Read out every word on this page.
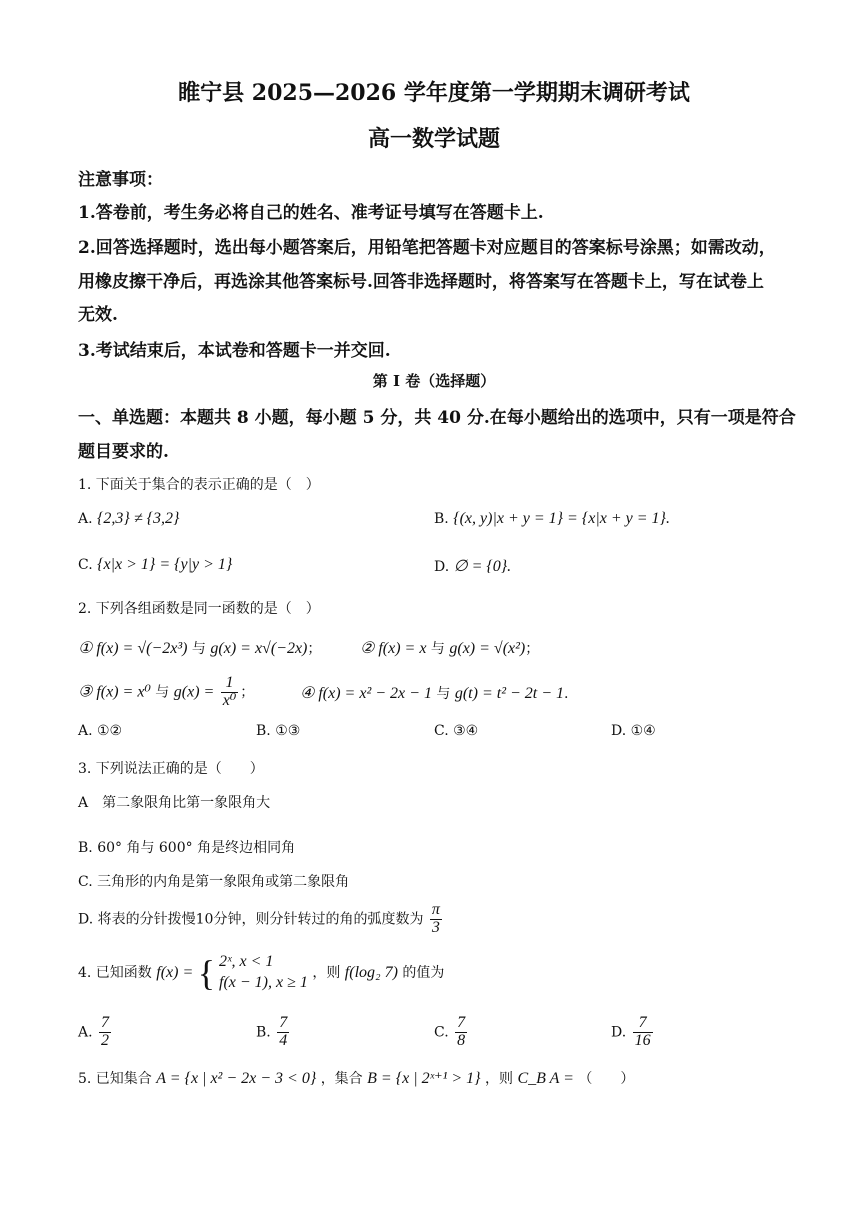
睢宁县 2025—2026 学年度第一学期期末调研考试
高一数学试题
注意事项：
1.答卷前，考生务必将自己的姓名、准考证号填写在答题卡上.
2.回答选择题时，选出每小题答案后，用铅笔把答题卡对应题目的答案标号涂黑；如需改动，
用橡皮擦干净后，再选涂其他答案标号.回答非选择题时，将答案写在答题卡上，写在试卷上
无效.
3.考试结束后，本试卷和答题卡一并交回.
第 I 卷（选择题）
一、单选题：本题共 8 小题，每小题 5 分，共 40 分.在每小题给出的选项中，只有一项是符合
题目要求的.
1. 下面关于集合的表示正确的是（　）
A. {2,3} ≠ {3,2}	B. {(x, y)|x + y = 1} = {x|x + y = 1}.
C. {x|x > 1} = {y|y > 1}	D. ∅ = {0}.
2. 下列各组函数是同一函数的是（　）
① f(x) = √(−2x³) 与 g(x) = x√(−2x)； ② f(x) = x 与 g(x) = √(x²)；
③ f(x) = x⁰ 与 $g(x) = \frac{1}{\text{x⁰}}$ ；	④ f(x) = x² − 2x − 1 与 g(t) = t² − 2t − 1.
A. ①②	B. ①③	C. ③④	D. ①④
3. 下列说法正确的是（　　）
A　第二象限角比第一象限角大
B. 60° 角与 600° 角是终边相同角
C. 三角形的内角是第一象限角或第二象限角
D. 将表的分针拨慢10分钟，则分针转过的角的弧度数为 $\frac{\pi}{3}$
4. 已知函数 f(x) = { 2ˣ, x < 1
f(x − 1), x ≥ 1
，则 f(log₂ 7) 的值为
A. $\frac{7}{2}$	B. $\frac{7}{4}$	C. $\frac{7}{8}$	D. $\frac{7}{16}$
5. 已知集合 A = {x | x² − 2x − 3 < 0} ，集合 B = {x | 2ˣ⁺¹ > 1} ，则 C_B A = （　　）
